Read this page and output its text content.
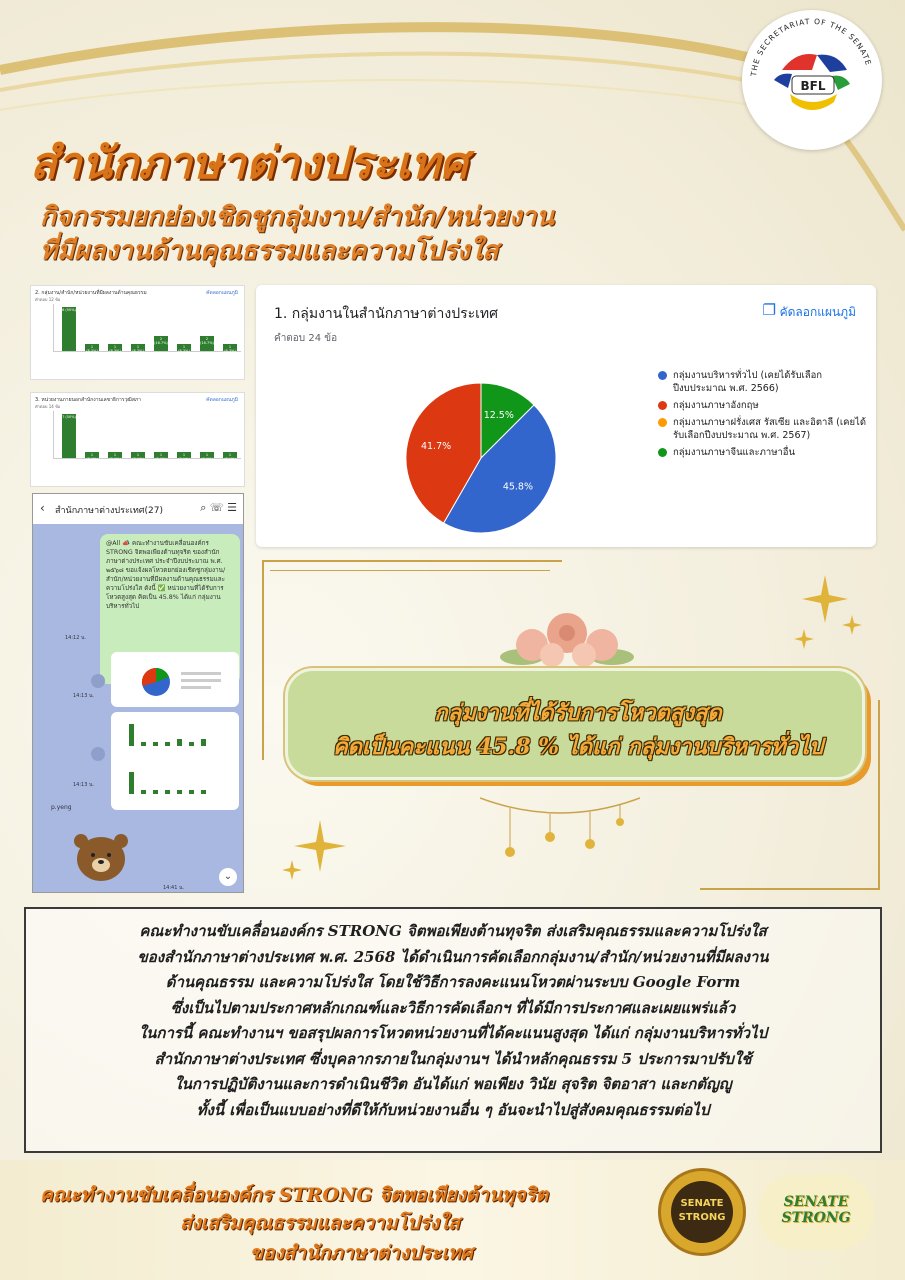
THE SECRETARIAT OF THE SENATE
BFL
สำนักภาษาต่างประเทศ
กิจกรรมยกย่องเชิดชูกลุ่มงาน/สำนัก/หน่วยงาน
ที่มีผลงานด้านคุณธรรมและความโปร่งใส
2. กลุ่มงาน/สำนัก/หน่วยงานที่มีผลงานด้านคุณธรรม	คัดลอกแผนภูมิ
คำตอบ 12 ข้อ
6 (50%)
1 (8.3%)
1 (8.3%)
1 (8.3%)
2 (16.7%)
1 (8.3%)
2 (16.7%)
1 (8.3%)
3. หน่วยงานภายนอกสำนักงานเลขาธิการวุฒิสภา	คัดลอกแผนภูมิ
คำตอบ 14 ข้อ
7 (50%)
1 (7.1%)
1 (7.1%)
1 (7.1%)
1 (7.1%)
1 (7.1%)
1 (7.1%)
1 (7.1%)
1. กลุ่มงานในสำนักภาษาต่างประเทศ	❐ คัดลอกแผนภูมิ
คำตอบ 24 ข้อ
12.5%
45.8%
41.7%
กลุ่มงานบริหารทั่วไป (เคยได้รับเลือกปีงบประมาณ พ.ศ. 2566)
กลุ่มงานภาษาอังกฤษ
กลุ่มงานภาษาฝรั่งเศส รัสเซีย และอิตาลี (เคยได้รับเลือกปีงบประมาณ พ.ศ. 2567)
กลุ่มงานภาษาจีนและภาษาอื่น
‹ สำนักภาษาต่างประเทศ(27)	⌕ ☏ ☰
@All 📣 คณะทำงานขับเคลื่อนองค์กร STRONG จิตพอเพียงต้านทุจริต ของสำนักภาษาต่างประเทศ ประจำปีงบประมาณ พ.ศ. ๒๕๖๘ ขอแจ้งผลโหวตยกย่องเชิดชูกลุ่มงาน/สำนัก/หน่วยงานที่มีผลงานด้านคุณธรรมและความโปร่งใส ดังนี้ ✅ หน่วยงานที่ได้รับการโหวตสูงสุด คิดเป็น 45.8% ได้แก่ กลุ่มงานบริหารทั่วไป
14:12 น.
14:13 น.
14:13 น.
p.yeng
14:41 น.
⌄
กลุ่มงานที่ได้รับการโหวตสูงสุด
คิดเป็นคะแนน 45.8 % ได้แก่ กลุ่มงานบริหารทั่วไป
คณะทำงานขับเคลื่อนองค์กร STRONG จิตพอเพียงต้านทุจริต ส่งเสริมคุณธรรมและความโปร่งใส
ของสำนักภาษาต่างประเทศ พ.ศ. 2568 ได้ดำเนินการคัดเลือกกลุ่มงาน/สำนัก/หน่วยงานที่มีผลงาน
ด้านคุณธรรม และความโปร่งใส โดยใช้วิธีการลงคะแนนโหวตผ่านระบบ Google Form
ซึ่งเป็นไปตามประกาศหลักเกณฑ์และวิธีการคัดเลือกฯ ที่ได้มีการประกาศและเผยแพร่แล้ว
ในการนี้ คณะทำงานฯ ขอสรุปผลการโหวตหน่วยงานที่ได้คะแนนสูงสุด ได้แก่ กลุ่มงานบริหารทั่วไป
สำนักภาษาต่างประเทศ ซึ่งบุคลากรภายในกลุ่มงานฯ ได้นำหลักคุณธรรม 5 ประการมาปรับใช้
ในการปฏิบัติงานและการดำเนินชีวิต อันได้แก่ พอเพียง วินัย สุจริต จิตอาสา และกตัญญู
ทั้งนี้ เพื่อเป็นแบบอย่างที่ดีให้กับหน่วยงานอื่น ๆ อันจะนำไปสู่สังคมคุณธรรมต่อไป
คณะทำงานขับเคลื่อนองค์กร STRONG จิตพอเพียงต้านทุจริต
ส่งเสริมคุณธรรมและความโปร่งใส
ของสำนักภาษาต่างประเทศ
SENATE STRONG
SENATE STRONG
